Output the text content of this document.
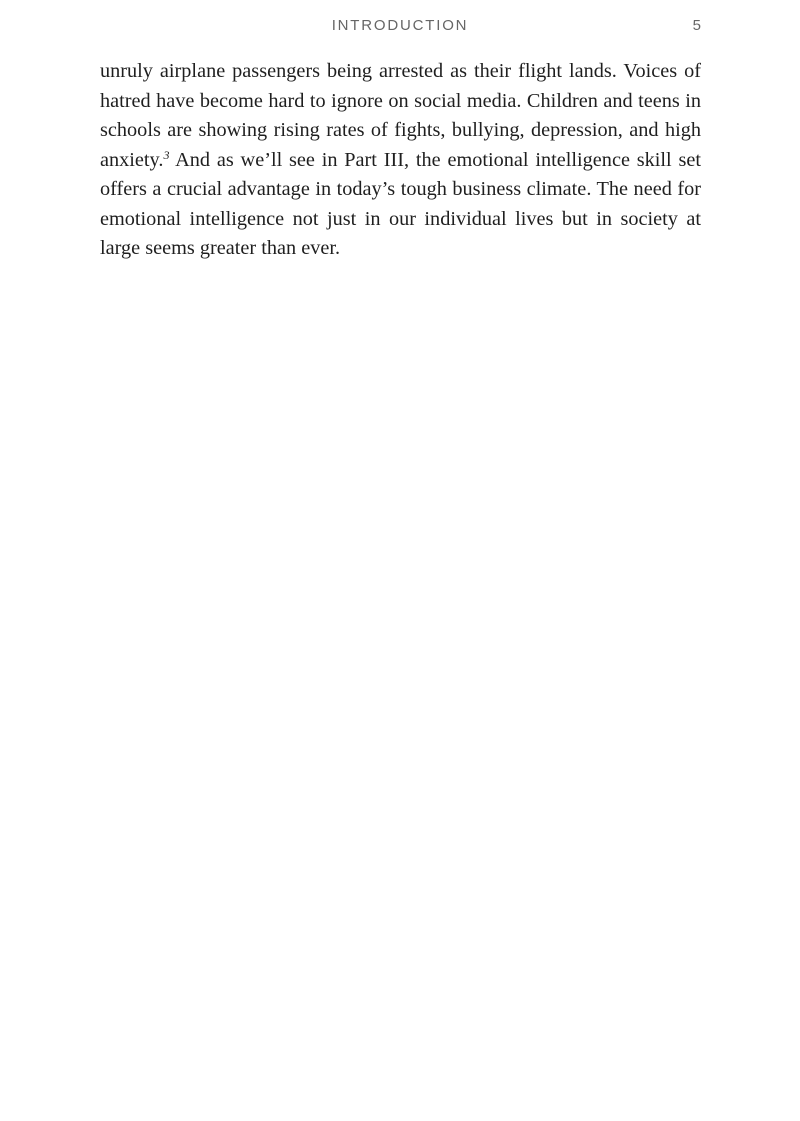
INTRODUCTION	5

unruly airplane passengers being arrested as their flight lands. Voices of hatred have become hard to ignore on social media. Children and teens in schools are showing rising rates of fights, bullying, depression, and high anxiety.$^3$ And as we’ll see in Part III, the emotional intelligence skill set offers a crucial advantage in today’s tough business climate. The need for emotional intelligence not just in our individual lives but in society at large seems greater than ever.
